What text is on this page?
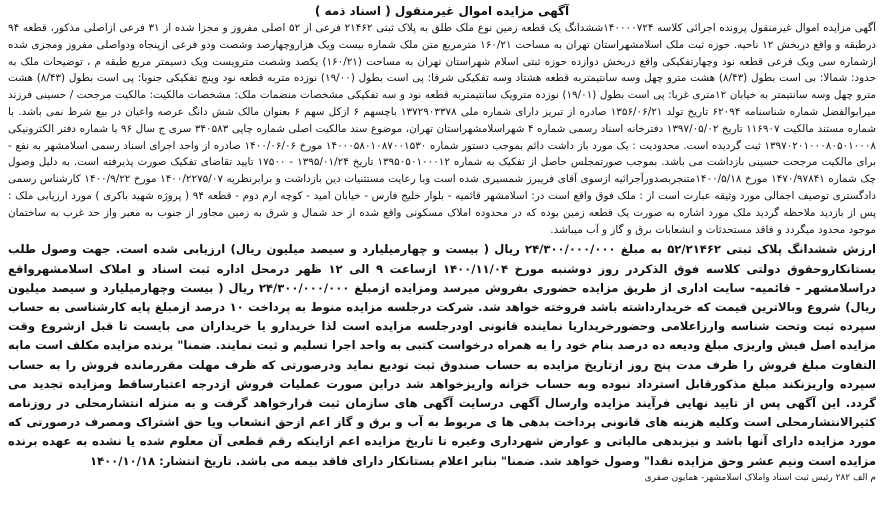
آگهی مزایده اموال غیرمنقول ( اسناد ذمه )

آگهی مزایده اموال غیرمنقول پرونده اجرائی کلاسه ۱۴۰۰۰۰۷۲۴ششدانگ یک قطعه زمین نوع ملک طلق به پلاک ثبتی ۲۱۴۶۲ فرعی از ۵۲ اصلی مفروز و مجزا شده از ۳۱ فرعی ازاصلی مذکور، قطعه ۹۴ درطبقه و واقع دربخش ۱۲ ناحیه. حوزه ثبت ملک اسلامشهراستان تهران به مساحت ۱۶۰/۲۱ مترمربع متن ملک شماره بیست ویک هزاروچهارصد وشصت ودو فرعی ازپنجاه ودواصلی مفروز ومجزی شده ازشماره سی ویک فرعی قطعه نود وچهارتفکیکی واقع دربخش دوازده حوزه ثبتی اسلام شهراستان تهران به مساحت (۱۶۰/۲۱) یکصد وشصت مترویست ویک دسیمتر مربع طبقه م ، توضیحات ملک به حدود: شمالا: بی است بطول (۸/۴۳) هشت مترو چهل وسه سانتیمتربه قطعه هشتاد وسه تفکیکی شرقا: پی است بطول (۱۹/۰۰) نوزده متربه قطعه نود وپنج تفکیکی جنوبا: پی است بطول (۸/۴۳) هشت مترو چهل وسه سانتیمتر به خیابان ۱۲متری غربا: پی است بطول (۱۹/۰۱) نوزده مترویک سانتیمتربه قطعه نود و سه تفکیکی مشخصات منضمات ملک: مشخصات مالکیت: مالکیت مرجحت / حسینی فرزند میرابوالفضل شماره شناسنامه ۶۲۰۹۴ تاریخ تولد ۱۳۵۶/۰۶/۲۱ صادره از تبریز دارای شماره ملی ۱۳۷۲۹۰۳۳۷۸ باچسهم ۶ ازکل سهم ۶ بعنوان مالک شش دانگ عرصه واعیان در بیع شرط نمی باشد. با شماره مستند مالکیت ۱۱۶۹۰۷ تاریخ ۱۳۹۷/۰۵/۰۲ دفترخانه اسناد رسمی شماره ۴ شهراسلامشهراستان تهران، موضوع سند مالکیت اصلی شماره چاپی ۳۴۰۵۸۳ سری ج سال ۹۶ با شماره دفتر الکترونیکی ۱۳۹۷۰۲۰۱۰۰۰۸۰۵۰۱۰۰۰۸ ثبت گردیده است. محدودیت : یک مورد باز داشت دائم بموجب دستور شماره ۱۴۰۰۰۵۸۰۱۰۸۷۰۰۱۵۳۰ مورخ ۱۴۰۰/۰۶/۰۶ صادره از واحد اجرای اسناد رسمی اسلامشهر به نفع - برای مالکیت مرجحت حسینی بازداشت می باشد. بموجب صورتمجلس حاصل از تفکیک به شماره ۱۳۹۵۰۵۰۱۰۰۰۱۲ تاریخ ۱۳۹۵/۰۱/۲۴ - ۱۷۵۰۰ تایید تقاضای تفکیک صورت پذیرفته است. به دلیل وصول چک شماره ۱۴۷۰/۹۷۸۴۱ مورخ ۱۴۰۰/۵/۱۸متنجربصدورآجرائیه ازسوی آقای فریبرز شمسیری شده است وبا رعایت مستثنیات دین بازداشت و برابرنظریه ۱۴۰۰/۲۲۷۵/۰۷ مورخ ۱۴۰۰/۹/۲۲ کارشناس رسمی دادگستری توصیف اجمالی مورد وثیقه عبارت است از : ملک فوق واقع است در: اسلامشهر قائمیه - بلوار خلیج فارس - خیابان امید - کوچه ارم دوم - قطعه ۹۴ ( پروژه شهید باکری ) مورد ارزیابی ملک : پس از بازدید ملاحظه گردید ملک مورد اشاره به صورت یک قطعه زمین بوده که در محدوده املاک مسکونی واقع شده از حد شمال و شرق به زمین مجاور از جنوب به معبر واز حد غرب به ساختمان موجود محدود میگردد و فاقد مستحدثات و انشعابات برق و گاز و آب میباشد.

ارزش ششدانگ پلاک ثبتی ۵۲/۲۱۴۶۲ به مبلغ ۲۴/۳۰۰/۰۰۰/۰۰۰ ریال ( بیست و چهارمیلیارد و سیصد میلیون ریال) ارزیابی شده است. جهت وصول طلب بستانکاروحقوق دولتی کلاسه فوق الذکردر روز دوشنبه مورخ ۱۴۰۰/۱۱/۰۴ ازساعت ۹ الی ۱۲ ظهر درمحل اداره ثبت اسناد و املاک اسلامشهرواقع دراسلامشهر - قائمیه- سایت اداری از طریق مزایده حضوری بفروش میرسد ومزایده ازمبلغ ۲۴/۳۰۰/۰۰۰/۰۰۰ ریال ( بیست وچهارمیلیارد و سیصد میلیون ریال) شروع وبالاترین قیمت که خریدارداشته باشد فروخته خواهد شد. شرکت درجلسه مزایده منوط به پرداخت ۱۰ درصد ازمبلغ پایه کارشناسی به حساب سپرده ثبت وتحت شناسه وارزاعلامی وحضورخریداریا نماینده قانونی اودرجلسه مزایده است لذا خریدارو یا خریداران می بایست تا قبل ازشروع وقت مزایده اصل فیش واریزی مبلغ ودیعه ده درصد بنام خود را به همراه درخواست کتبی به واحد اجرا تسلیم و ثبت نمایند. ضمنا" برنده مزایده مکلف است مابه التفاوت مبلغ فروش را ظرف مدت پنج روز ازتاریخ مزایده به حساب صندوق ثبت تودیع نماید ودرصورتی که ظرف مهلت مقررمانده فروش را به حساب سپرده واریزنکند مبلغ مذکورقابل استرداد نبوده وبه حساب خزانه واریزخواهد شد دراین صورت عملیات فروش ازدرجه اعتبارساقط ومزایده تجدید می گردد. این آگهی پس از تایید نهایی فرآیند مزایده وارسال آگهی درسایت آگهی های سازمان ثبت قرارخواهد گرفت و به منزله انتشارمحلی در روزنامه کثیرالانتشارمحلی است وکلیه هزینه های قانونی پرداخت بدهی ها ی مربوط به آب و برق و گاز اعم ازحق انشعاب ویا حق اشتراک ومصرف درصورتی که مورد مزایده دارای آنها باشد و نیزبدهی مالیاتی و عوارض شهرداری وغیره تا تاریخ مزایده اعم ازاینکه رقم قطعی آن معلوم شده یا نشده به عهده برنده مزایده است ونیم عشر وحق مزایده نقدا" وصول خواهد شد. ضمنا" بنابر اعلام بستانکار دارای فاقد بیمه می باشد. تاریخ انتشار: ۱۴۰۰/۱۰/۱۸

م الف ۲۸۲ رئیس ثبت اسناد واملاک اسلامشهر- همایون صفری
